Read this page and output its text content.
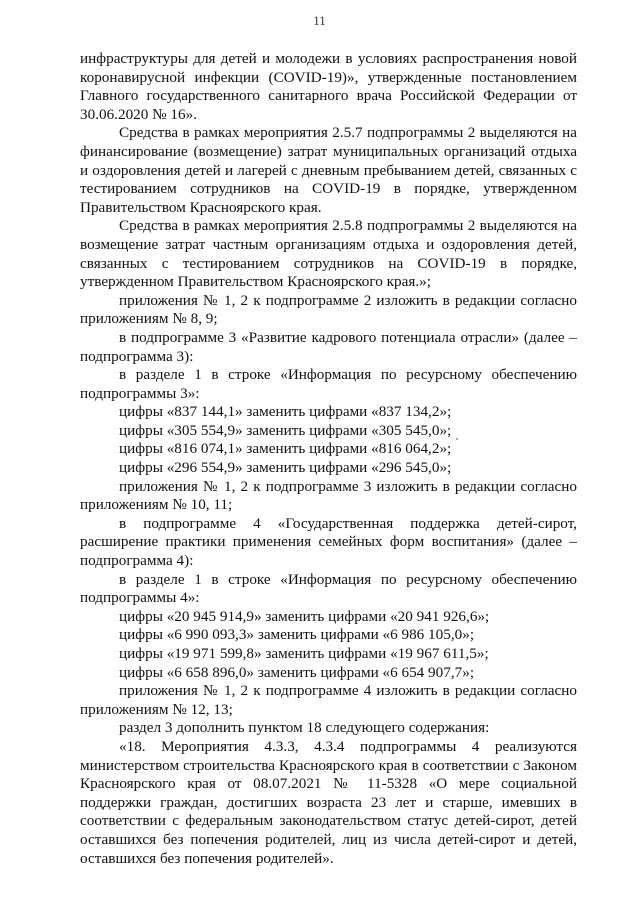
11

инфраструктуры для детей и молодежи в условиях распространения новой коронавирусной инфекции (COVID-19)», утвержденные постановлением Главного государственного санитарного врача Российской Федерации от 30.06.2020 № 16».

Средства в рамках мероприятия 2.5.7 подпрограммы 2 выделяются на финансирование (возмещение) затрат муниципальных организаций отдыха и оздоровления детей и лагерей с дневным пребыванием детей, связанных с тестированием сотрудников на COVID-19 в порядке, утвержденном Правительством Красноярского края.

Средства в рамках мероприятия 2.5.8 подпрограммы 2 выделяются на возмещение затрат частным организациям отдыха и оздоровления детей, связанных с тестированием сотрудников на COVID-19 в порядке, утвержденном Правительством Красноярского края.»;

приложения № 1, 2 к подпрограмме 2 изложить в редакции согласно приложениям № 8, 9;

в подпрограмме 3 «Развитие кадрового потенциала отрасли» (далее – подпрограмма 3):

в разделе 1 в строке «Информация по ресурсному обеспечению подпрограммы 3»:

цифры «837 144,1» заменить цифрами «837 134,2»;

цифры «305 554,9» заменить цифрами «305 545,0»;

цифры «816 074,1» заменить цифрами «816 064,2»;

цифры «296 554,9» заменить цифрами «296 545,0»;

приложения № 1, 2 к подпрограмме 3 изложить в редакции согласно приложениям № 10, 11;

в подпрограмме 4 «Государственная поддержка детей-сирот, расширение практики применения семейных форм воспитания» (далее – подпрограмма 4):

в разделе 1 в строке «Информация по ресурсному обеспечению подпрограммы 4»:

цифры «20 945 914,9» заменить цифрами «20 941 926,6»;

цифры «6 990 093,3» заменить цифрами «6 986 105,0»;

цифры «19 971 599,8» заменить цифрами «19 967 611,5»;

цифры «6 658 896,0» заменить цифрами «6 654 907,7»;

приложения № 1, 2 к подпрограмме 4 изложить в редакции согласно приложениям № 12, 13;

раздел 3 дополнить пунктом 18 следующего содержания:

«18. Мероприятия 4.3.3, 4.3.4 подпрограммы 4 реализуются министерством строительства Красноярского края в соответствии с Законом Красноярского края от 08.07.2021 № 11-5328 «О мере социальной поддержки граждан, достигших возраста 23 лет и старше, имевших в соответствии с федеральным законодательством статус детей-сирот, детей оставшихся без попечения родителей, лиц из числа детей-сирот и детей, оставшихся без попечения родителей».
